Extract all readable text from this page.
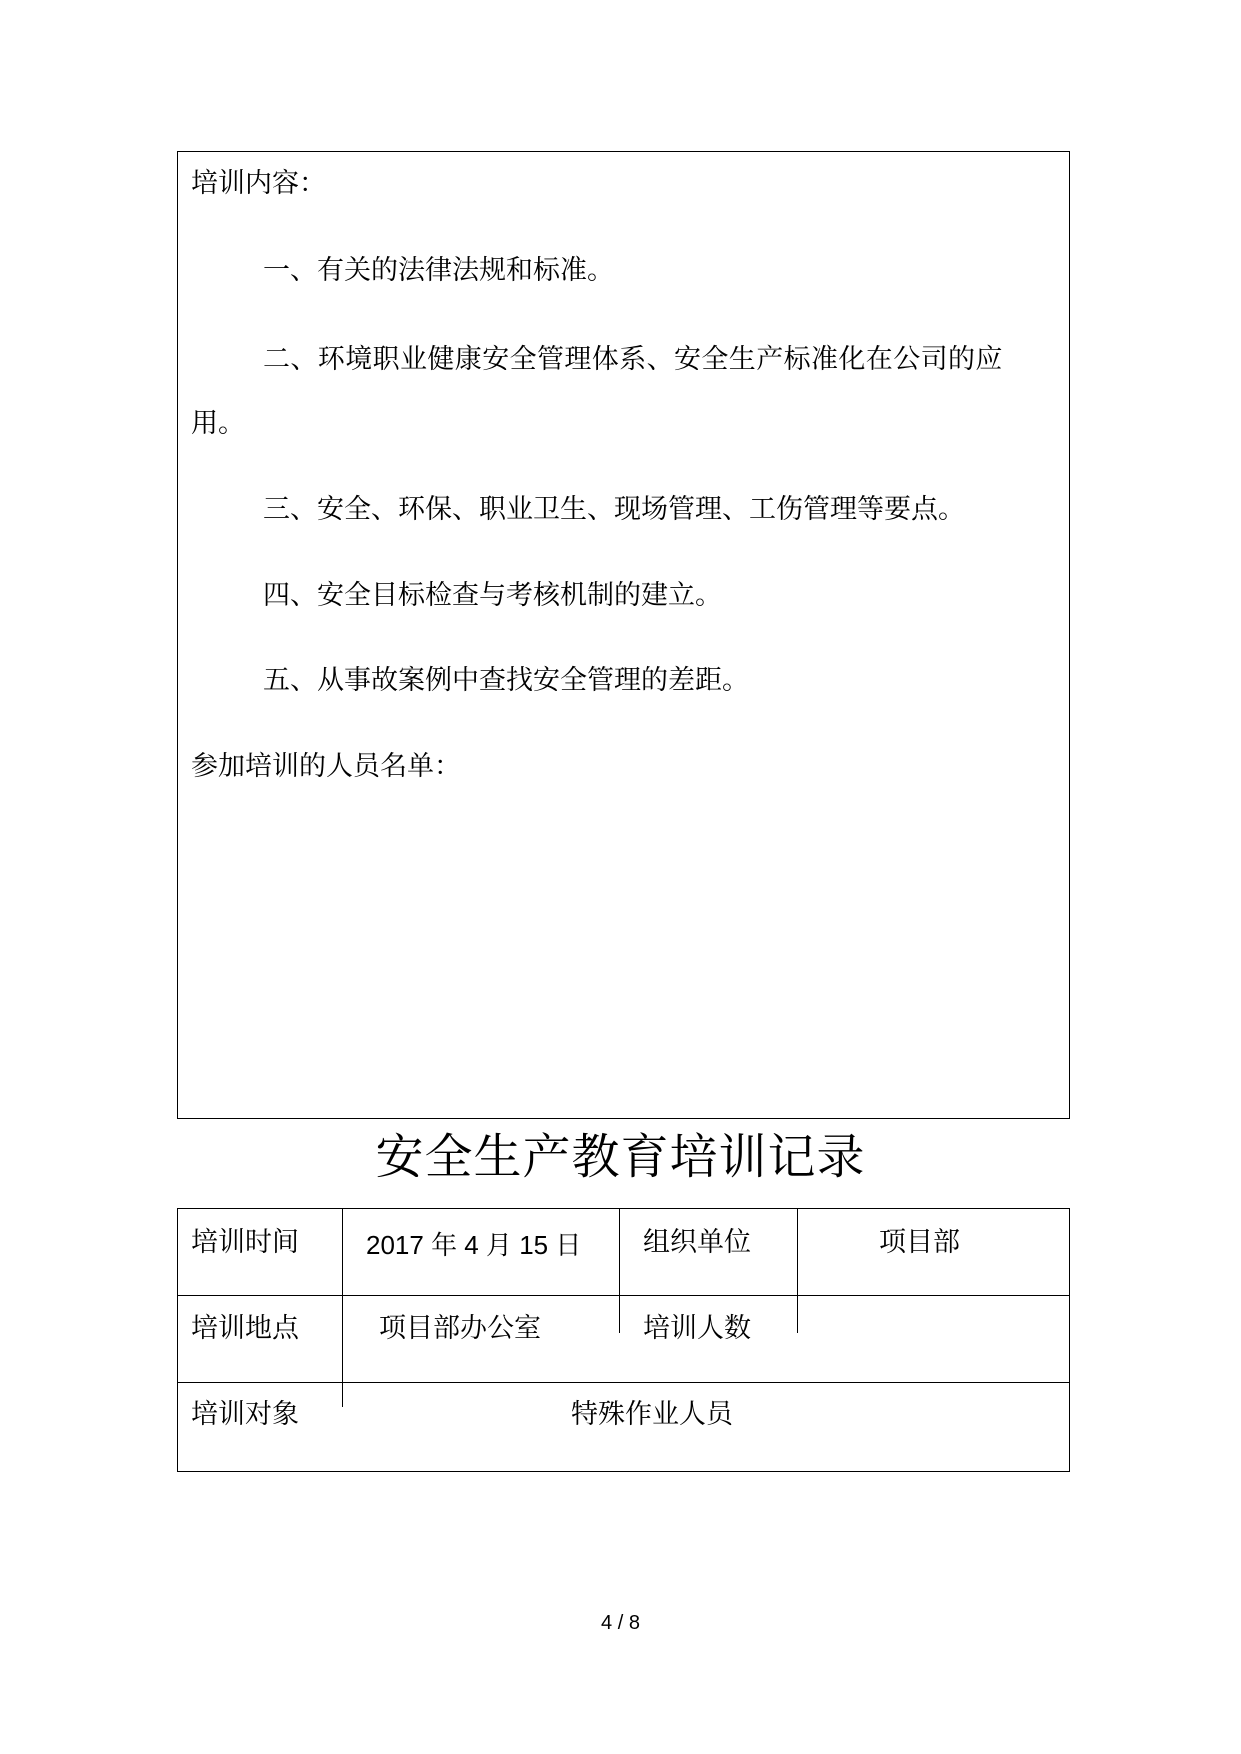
培训内容：
一、有关的法律法规和标准。
二、环境职业健康安全管理体系、安全生产标准化在公司的应
用。
三、安全、环保、职业卫生、现场管理、工伤管理等要点。
四、安全目标检查与考核机制的建立。
五、从事故案例中查找安全管理的差距。
参加培训的人员名单：
安全生产教育培训记录
培训时间	2017 年 4 月 15 日 组织单位	项目部
培训地点	项目部办公室	培训人数
培训对象	特殊作业人员
4 / 8
